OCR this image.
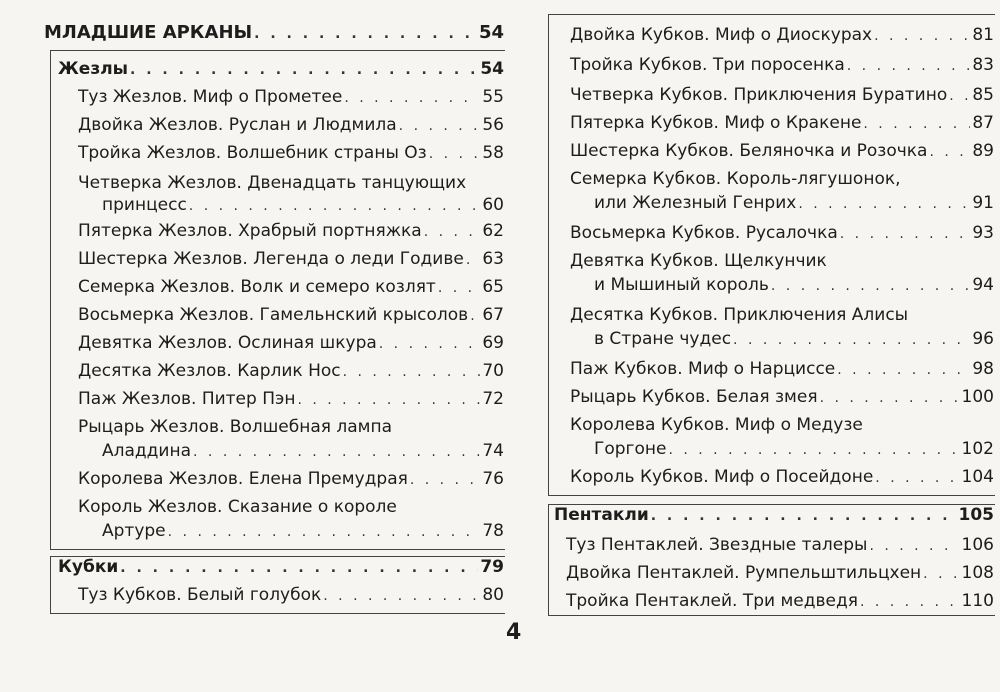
МЛАДШИЕ АРКАНЫ . . .	54
Жезлы . . .	54
Туз Жезлов. Миф о Прометее . . .	55
Двойка Жезлов. Руслан и Людмила . . .	56
Тройка Жезлов. Волшебник страны Оз . . .	58
Четверка Жезлов. Двенадцать танцующих
принцесс . . .	60
Пятерка Жезлов. Храбрый портняжка . . .	62
Шестерка Жезлов. Легенда о леди Годиве . . . 63
Семерка Жезлов. Волк и семеро козлят . . .	65
Восьмерка Жезлов. Гамельнский крысолов . . . 67
Девятка Жезлов. Ослиная шкура . . .	69
Десятка Жезлов. Карлик Нос . . .	70
Паж Жезлов. Питер Пэн . . .	72
Рыцарь Жезлов. Волшебная лампа
Аладдина . . .	74
Королева Жезлов. Елена Премудрая . . .	76
Король Жезлов. Сказание о короле
Артуре . . .	78
Кубки . . .	79
Туз Кубков. Белый голубок . . .	80
Двойка Кубков. Миф о Диоскурах . . .	81
Тройка Кубков. Три поросенка . . .	83
Четверка Кубков. Приключения Буратино . . . 85
Пятерка Кубков. Миф о Кракене . . .	87
Шестерка Кубков. Беляночка и Розочка . . .	89
Семерка Кубков. Король-лягушонок,
или Железный Генрих . . .	91
Восьмерка Кубков. Русалочка . . .	93
Девятка Кубков. Щелкунчик
и Мышиный король . . .	94
Десятка Кубков. Приключения Алисы
в Стране чудес . . .	96
Паж Кубков. Миф о Нарциссе . . .	98
Рыцарь Кубков. Белая змея . . .	100
Королева Кубков. Миф о Медузе
Горгоне . . .	102
Король Кубков. Миф о Посейдоне . . .	104
Пентакли . . .	105
Туз Пентаклей. Звездные талеры . . .	106
Двойка Пентаклей. Румпельштильцхен . . . 108
Тройка Пентаклей. Три медведя . . .	110
4
